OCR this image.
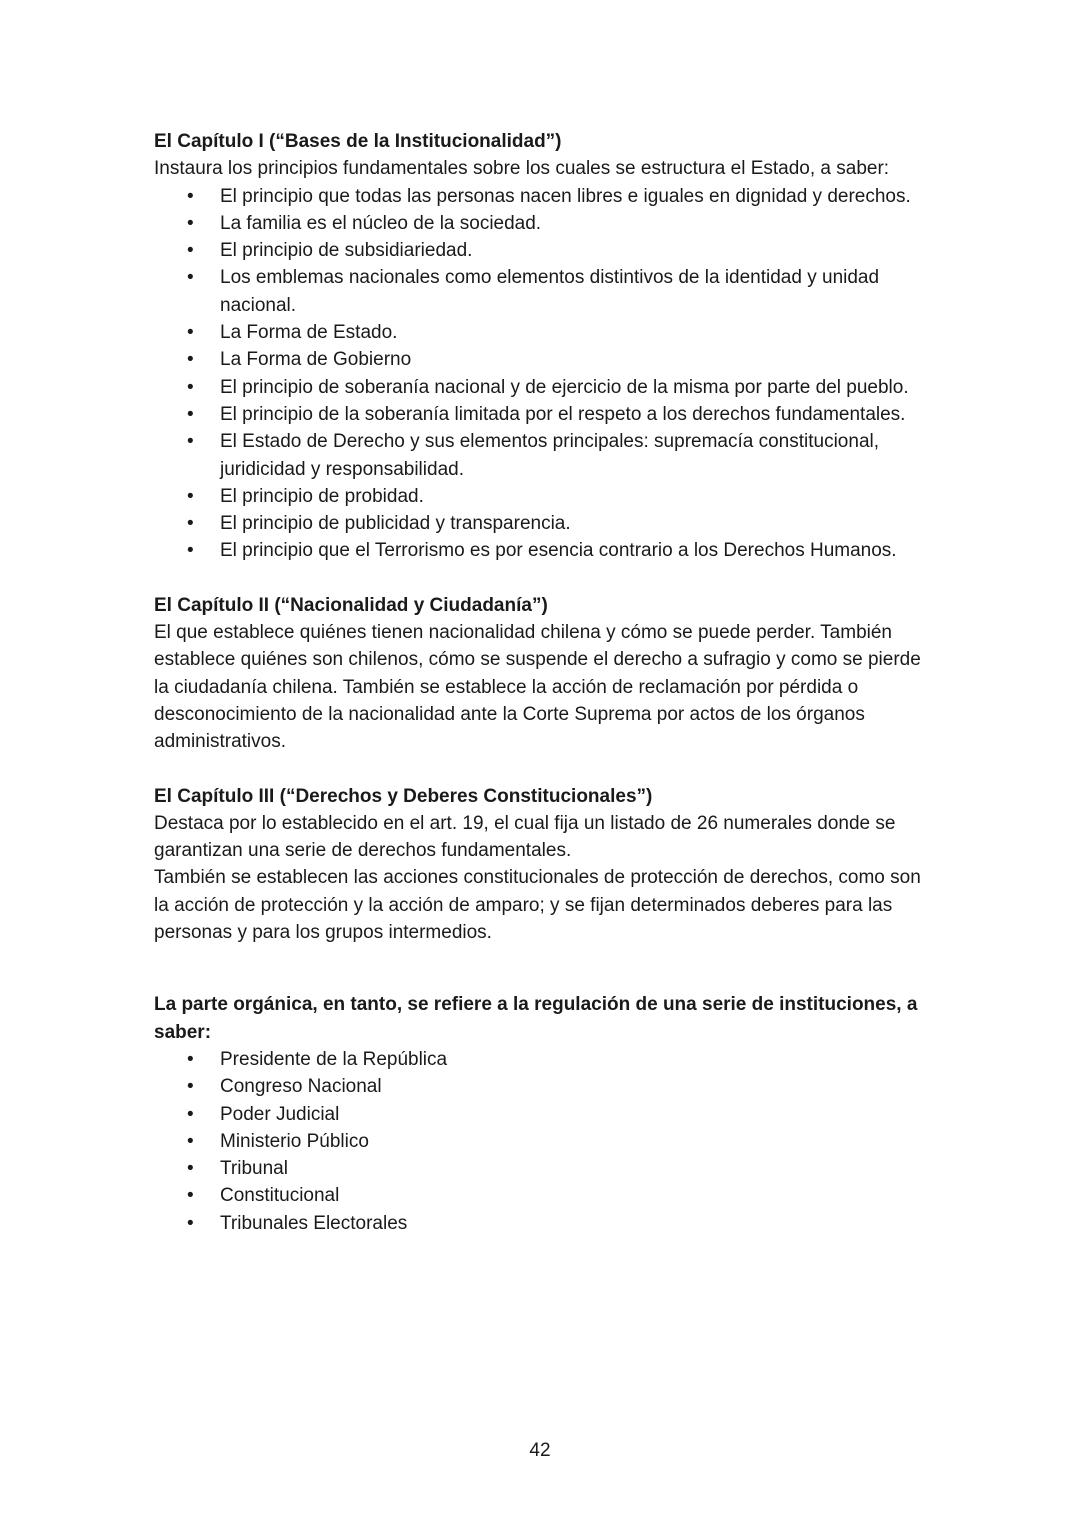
El Capítulo I (“Bases de la Institucionalidad”)

Instaura los principios fundamentales sobre los cuales se estructura el Estado, a saber:

• El principio que todas las personas nacen libres e iguales en dignidad y derechos.
• La familia es el núcleo de la sociedad.
• El principio de subsidiariedad.
• Los emblemas nacionales como elementos distintivos de la identidad y unidad nacional.
• La Forma de Estado.
• La Forma de Gobierno
• El principio de soberanía nacional y de ejercicio de la misma por parte del pueblo.
• El principio de la soberanía limitada por el respeto a los derechos fundamentales.
• El Estado de Derecho y sus elementos principales: supremacía constitucional, juridicidad y responsabilidad.
• El principio de probidad.
• El principio de publicidad y transparencia.
• El principio que el Terrorismo es por esencia contrario a los Derechos Humanos.

El Capítulo II (“Nacionalidad y Ciudadanía”)

El que establece quiénes tienen nacionalidad chilena y cómo se puede perder. También establece quiénes son chilenos, cómo se suspende el derecho a sufragio y como se pierde la ciudadanía chilena. También se establece la acción de reclamación por pérdida o desconocimiento de la nacionalidad ante la Corte Suprema por actos de los órganos

administrativos.

El Capítulo III (“Derechos y Deberes Constitucionales”)

Destaca por lo establecido en el art. 19, el cual fija un listado de 26 numerales donde se garantizan una serie de derechos fundamentales.

También se establecen las acciones constitucionales de protección de derechos, como son la acción de protección y la acción de amparo; y se fijan determinados deberes para las personas y para los grupos intermedios.

La parte orgánica, en tanto, se refiere a la regulación de una serie de instituciones, a saber:

• Presidente de la República
• Congreso Nacional
• Poder Judicial
• Ministerio Público
• Tribunal
• Constitucional
• Tribunales Electorales
42
